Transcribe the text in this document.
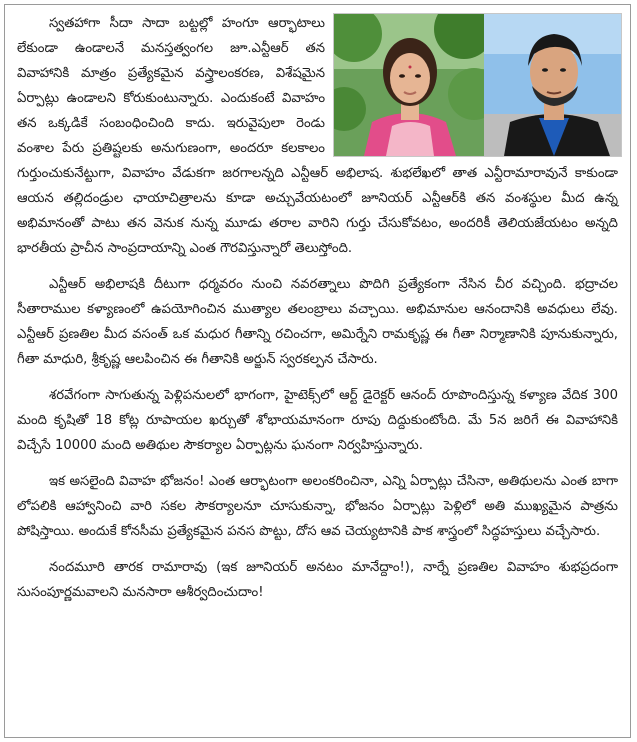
స్వతహాగా సీదా సాదా బట్టల్లో హంగూ ఆర్భాటాలు లేకుండా ఉండాలనే మనస్తత్వంగల జూ.ఎన్టీఆర్ తన వివాహానికి మాత్రం ప్రత్యేకమైన వస్త్రాలంకరణ, విశేషమైన ఏర్పాట్లు ఉండాలని కోరుకుంటున్నారు. ఎందుకంటే వివాహం తన ఒక్కడికే సంబంధించింది కాదు. ఇరువైపులా రెండు వంశాల పేరు ప్రతిష్టలకు అనుగుణంగా, అందరూ కలకాలం గుర్తుంచుకునేట్టుగా, వివాహం వేడుకగా జరగాలన్నది ఎన్టీఆర్ అభిలాష. శుభలేఖలో తాత ఎన్టీరామారావునే కాకుండా ఆయన తల్లిదండ్రుల ఛాయాచిత్రాలను కూడా అచ్చువేయటంలో జూనియర్ ఎన్టీఆర్‌కి తన వంశస్థుల మీద ఉన్న అభిమానంతో పాటు తన వెనుక నున్న మూడు తరాల వారిని గుర్తు చేసుకోవటం, అందరికీ తెలియజేయటం అన్నది భారతీయ ప్రాచీన సాంప్రదాయాన్ని ఎంత గౌరవిస్తున్నారో తెలుస్తోంది.

ఎన్టీఆర్ అభిలాషకి దీటుగా ధర్మవరం నుంచి నవరత్నాలు పొదిగి ప్రత్యేకంగా నేసిన చీర వచ్చింది. భద్రాచల సీతారాముల కళ్యాణంలో ఉపయోగించిన ముత్యాల తలంబ్రాలు వచ్చాయి. అభిమానుల ఆనందానికి అవధులు లేవు. ఎన్టీఆర్ ప్రణతిల మీద వసంత్ ఒక మధుర గీతాన్ని రచించగా, అమిర్నేని రామకృష్ణ ఈ గీతా నిర్మాణానికి పూనుకున్నారు, గీతా మాధురి, శ్రీకృష్ణ ఆలపించిన ఈ గీతానికి అర్జున్ స్వరకల్పన చేసారు.

శరవేగంగా సాగుతున్న పెళ్లిపనులలో భాగంగా, హైటెక్స్‌లో ఆర్ట్ డైరెక్టర్ ఆనంద్ రూపొందిస్తున్న కళ్యాణ వేదిక 300 మంది కృషితో 18 కోట్ల రూపాయల ఖర్చుతో శోభాయమానంగా రూపు దిద్దుకుంటోంది. మే 5న జరిగే ఈ వివాహానికి విచ్చేసే 10000 మంది అతిథుల సౌకర్యాల ఏర్పాట్లను ఘనంగా నిర్వహిస్తున్నారు.

ఇక అసలైంది వివాహ భోజనం! ఎంత ఆర్భాటంగా అలంకరించినా, ఎన్ని ఏర్పాట్లు చేసినా, అతిథులను ఎంత బాగా లోపలికి ఆహ్వానించి వారి సకల సౌకర్యాలనూ చూసుకున్నా, భోజనం ఏర్పాట్లు పెళ్లిలో అతి ముఖ్యమైన పాత్రను పోషిస్తాయి. అందుకే కోనసీమ ప్రత్యేకమైన పనస పొట్టు, దోస ఆవ చెయ్యటానికి పాక శాస్త్రంలో సిద్ధహస్తులు వచ్చేసారు.

నందమూరి తారక రామారావు (ఇక జూనియర్ అనటం మానేద్దాం!), నార్నే ప్రణతిల వివాహం శుభప్రదంగా సుసంపూర్ణమవాలని మనసారా ఆశీర్వదించుదాం!
